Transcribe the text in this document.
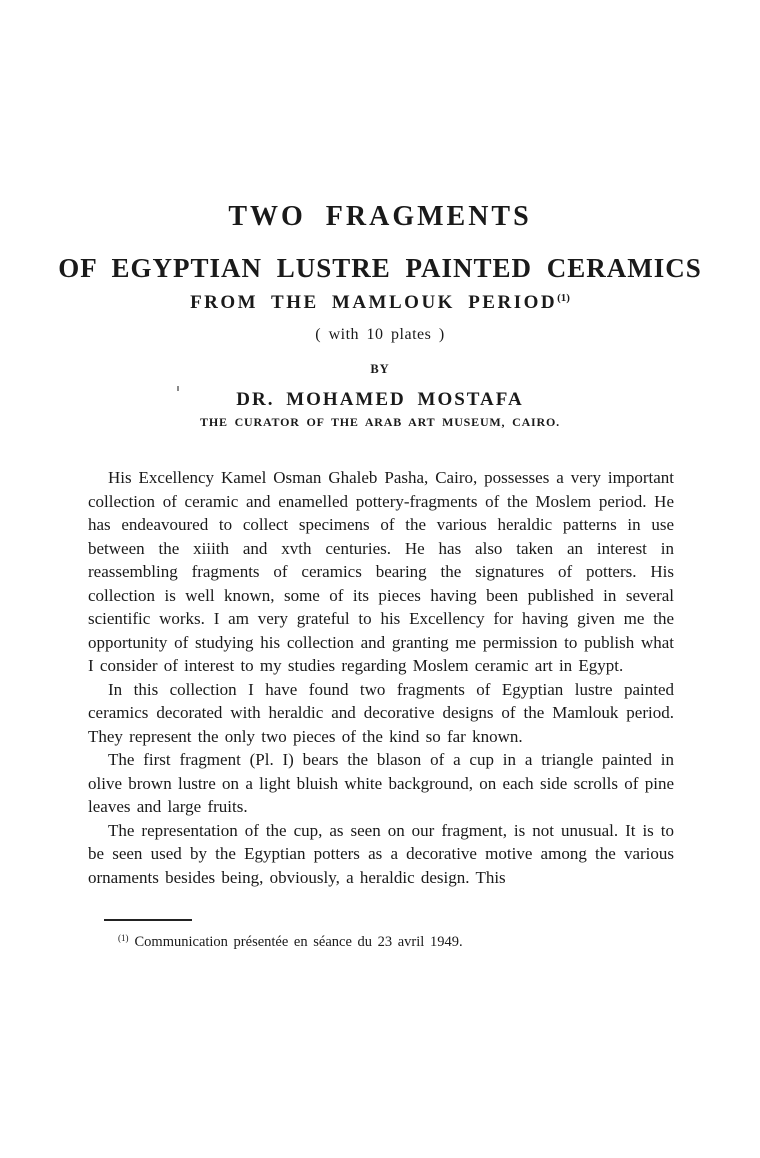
TWO FRAGMENTS
OF EGYPTIAN LUSTRE PAINTED CERAMICS
FROM THE MAMLOUK PERIOD$^{(1)}$
( with 10 plates )
BY
DR. MOHAMED MOSTAFA
THE CURATOR OF THE ARAB ART MUSEUM, CAIRO.

His Excellency Kamel Osman Ghaleb Pasha, Cairo, possesses a very important collection of ceramic and enamelled pottery-fragments of the Moslem period. He has endeavoured to collect specimens of the various heraldic patterns in use between the xiiith and xvth centuries. He has also taken an interest in reassembling fragments of ceramics bearing the signatures of potters. His collection is well known, some of its pieces having been published in several scientific works. I am very grateful to his Excellency for having given me the opportunity of studying his collection and granting me permission to publish what I consider of interest to my studies regarding Moslem ceramic art in Egypt.

In this collection I have found two fragments of Egyptian lustre painted ceramics decorated with heraldic and decorative designs of the Mamlouk period. They represent the only two pieces of the kind so far known.

The first fragment (Pl. I) bears the blason of a cup in a triangle painted in olive brown lustre on a light bluish white background, on each side scrolls of pine leaves and large fruits.

The representation of the cup, as seen on our fragment, is not unusual. It is to be seen used by the Egyptian potters as a decorative motive among the various ornaments besides being, obviously, a heraldic design. This

$^{(1)}$ Communication présentée en séance du 23 avril 1949.
